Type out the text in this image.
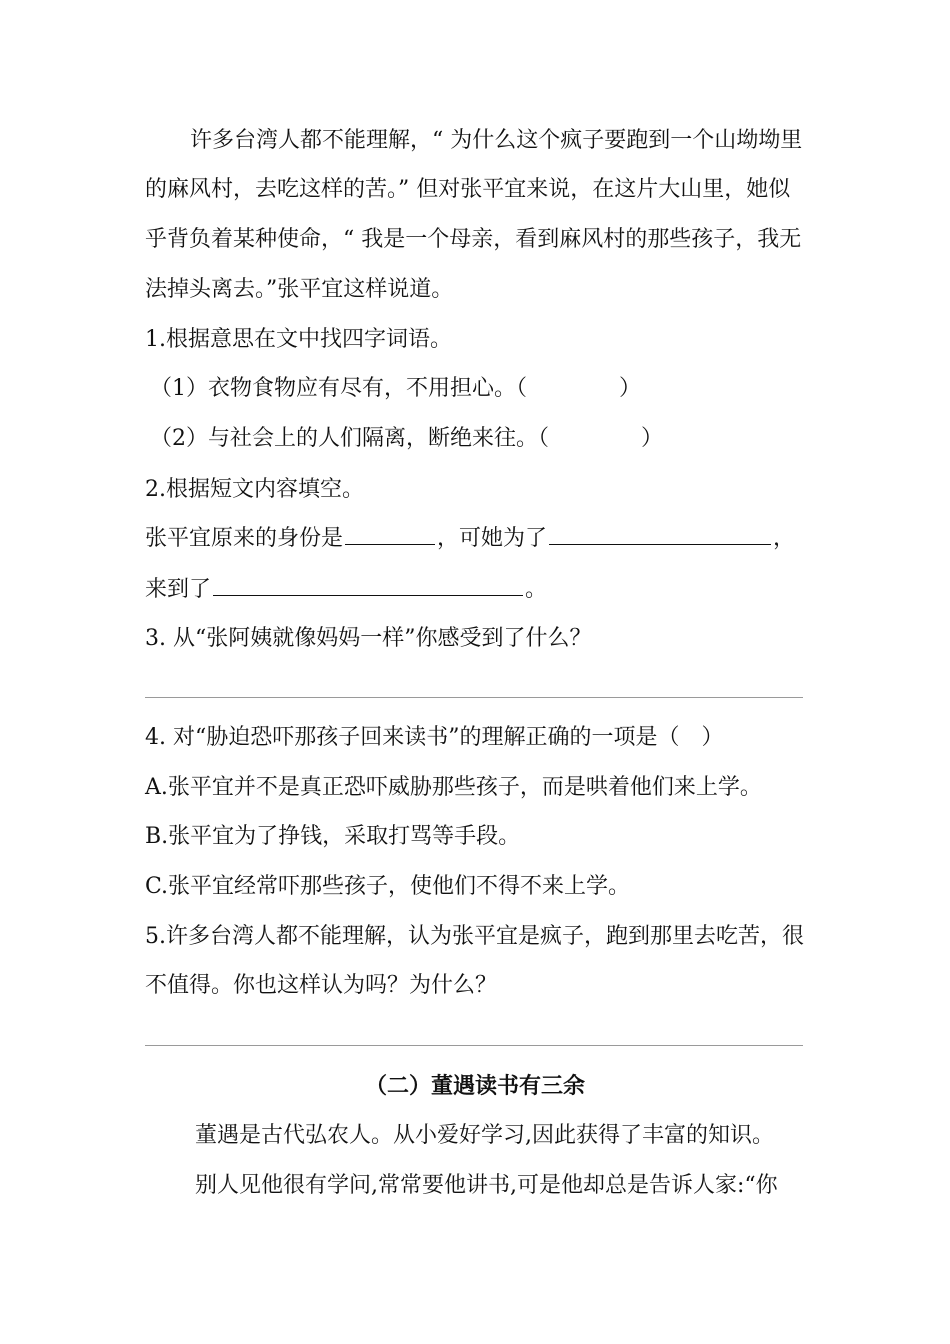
许多台湾人都不能理解，“ 为什么这个疯子要跑到一个山坳坳里
的麻风村，去吃这样的苦。” 但对张平宜来说，在这片大山里，她似
乎背负着某种使命，“ 我是一个母亲，看到麻风村的那些孩子，我无
法掉头离去。”张平宜这样说道。
1.根据意思在文中找四字词语。
（1）衣物食物应有尽有，不用担心。（	）
（2）与社会上的人们隔离，断绝来往。（	）
2.根据短文内容填空。
张平宜原来的身份是	，可她为了	，
来到了	。
3. 从“张阿姨就像妈妈一样”你感受到了什么？
4. 对“胁迫恐吓那孩子回来读书”的理解正确的一项是（　）
A.张平宜并不是真正恐吓威胁那些孩子，而是哄着他们来上学。
B.张平宜为了挣钱，采取打骂等手段。
C.张平宜经常吓那些孩子，使他们不得不来上学。
5.许多台湾人都不能理解，认为张平宜是疯子，跑到那里去吃苦，很
不值得。你也这样认为吗？为什么？
（二）董遇读书有三余
董遇是古代弘农人。从小爱好学习,因此获得了丰富的知识。
别人见他很有学问,常常要他讲书,可是他却总是告诉人家:“你
